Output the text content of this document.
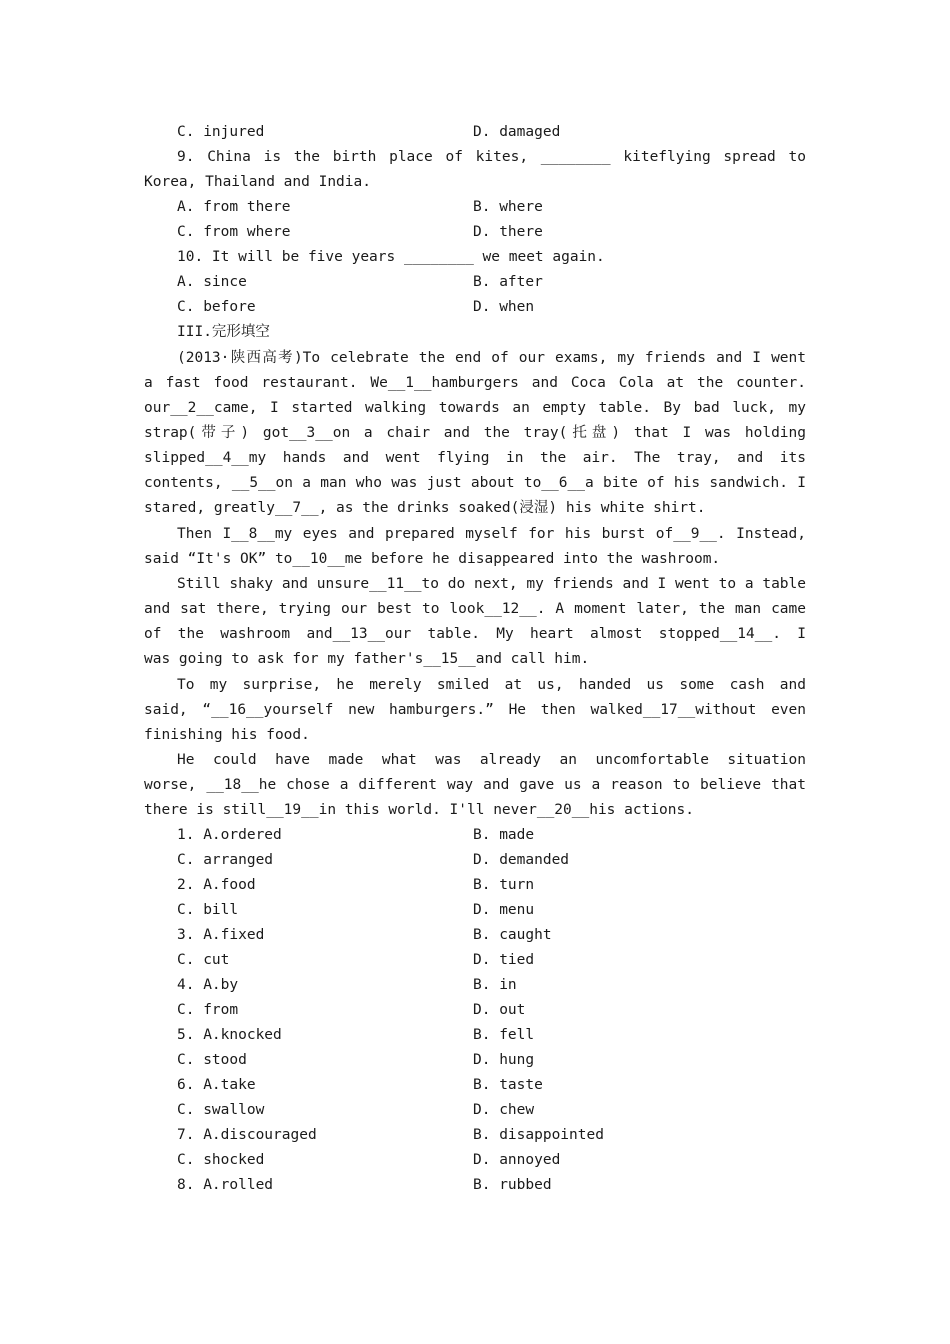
C. injured	D. damaged
9. China is the birth place of kites, ________ kiteflying spread to
Korea, Thailand and India.
A. from there	B. where
C. from where	D. there
10. It will be five years ________ we meet again.
A. since	B. after
C. before	D. when
III.完形填空
(2013·陕西高考)To celebrate the end of our exams, my friends and I went
a fast food restaurant. We__1__hamburgers and Coca Cola at the counter.
our__2__came, I started walking towards an empty table. By bad luck, my
strap(带子) got__3__on a chair and the tray(托盘) that I was holding
slipped__4__my hands and went flying in the air. The tray, and its
contents, __5__on a man who was just about to__6__a bite of his sandwich. I
stared, greatly__7__, as the drinks soaked(浸湿) his white shirt.
Then I__8__my eyes and prepared myself for his burst of__9__. Instead,
said “It's OK” to__10__me before he disappeared into the washroom.
Still shaky and unsure__11__to do next, my friends and I went to a table
and sat there, trying our best to look__12__. A moment later, the man came
of the washroom and__13__our table. My heart almost stopped__14__. I
was going to ask for my father's__15__and call him.
To my surprise, he merely smiled at us, handed us some cash and
said, “__16__yourself new hamburgers.” He then walked__17__without even
finishing his food.
He could have made what was already an uncomfortable situation
worse, __18__he chose a different way and gave us a reason to believe that
there is still__19__in this world. I'll never__20__his actions.
1. A.ordered	B. made
C. arranged	D. demanded
2. A.food	B. turn
C. bill	D. menu
3. A.fixed	B. caught
C. cut	D. tied
4. A.by	B. in
C. from	D. out
5. A.knocked	B. fell
C. stood	D. hung
6. A.take	B. taste
C. swallow	D. chew
7. A.discouraged	B. disappointed
C. shocked	D. annoyed
8. A.rolled	B. rubbed
